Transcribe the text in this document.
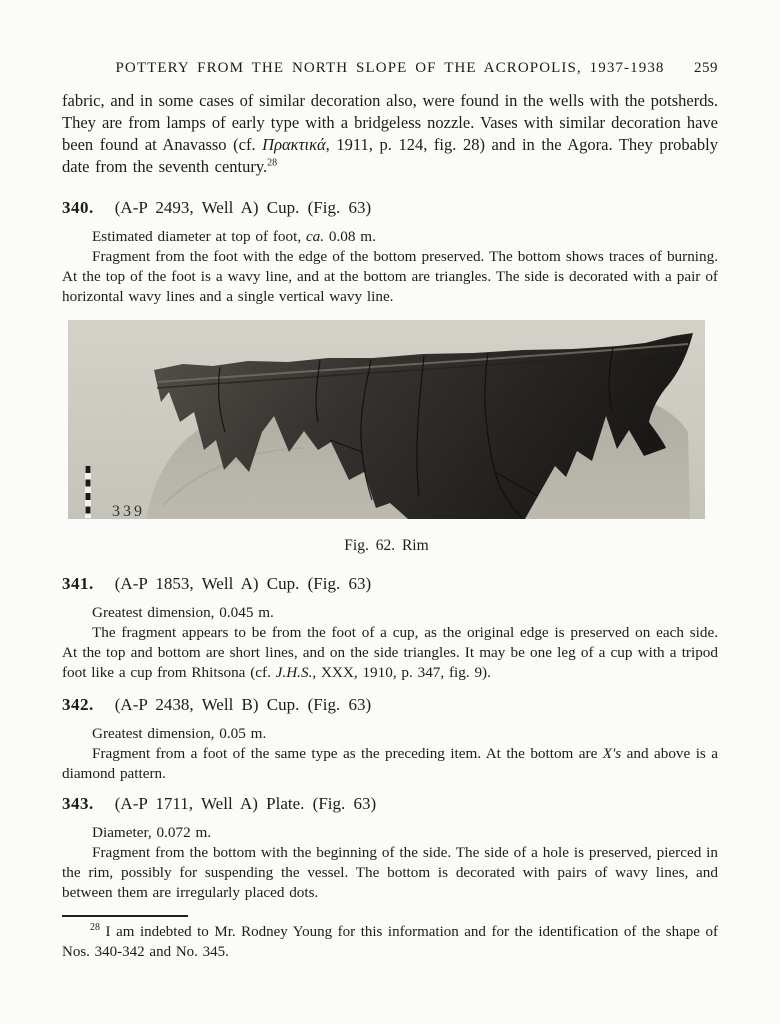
POTTERY FROM THE NORTH SLOPE OF THE ACROPOLIS, 1937-1938 259

fabric, and in some cases of similar decoration also, were found in the wells with the potsherds. They are from lamps of early type with a bridgeless nozzle. Vases with similar decoration have been found at Anavasso (cf. Πρακτικά, 1911, p. 124, fig. 28) and in the Agora. They probably date from the seventh century.$^{28}$

340. (A-P 2493, Well A) Cup. (Fig. 63)

Estimated diameter at top of foot, ca. 0.08 m.

Fragment from the foot with the edge of the bottom preserved. The bottom shows traces of burning. At the top of the foot is a wavy line, and at the bottom are triangles. The side is decorated with a pair of horizontal wavy lines and a single vertical wavy line.

339
Fig. 62. Rim
341. (A-P 1853, Well A) Cup. (Fig. 63)

Greatest dimension, 0.045 m.

The fragment appears to be from the foot of a cup, as the original edge is preserved on each side. At the top and bottom are short lines, and on the side triangles. It may be one leg of a cup with a tripod foot like a cup from Rhitsona (cf. J.H.S., XXX, 1910, p. 347, fig. 9).

342. (A-P 2438, Well B) Cup. (Fig. 63)

Greatest dimension, 0.05 m.

Fragment from a foot of the same type as the preceding item. At the bottom are X's and above is a diamond pattern.

343. (A-P 1711, Well A) Plate. (Fig. 63)

Diameter, 0.072 m.

Fragment from the bottom with the beginning of the side. The side of a hole is preserved, pierced in the rim, possibly for suspending the vessel. The bottom is decorated with pairs of wavy lines, and between them are irregularly placed dots.

$^{28}$ I am indebted to Mr. Rodney Young for this information and for the identification of the shape of Nos. 340-342 and No. 345.
